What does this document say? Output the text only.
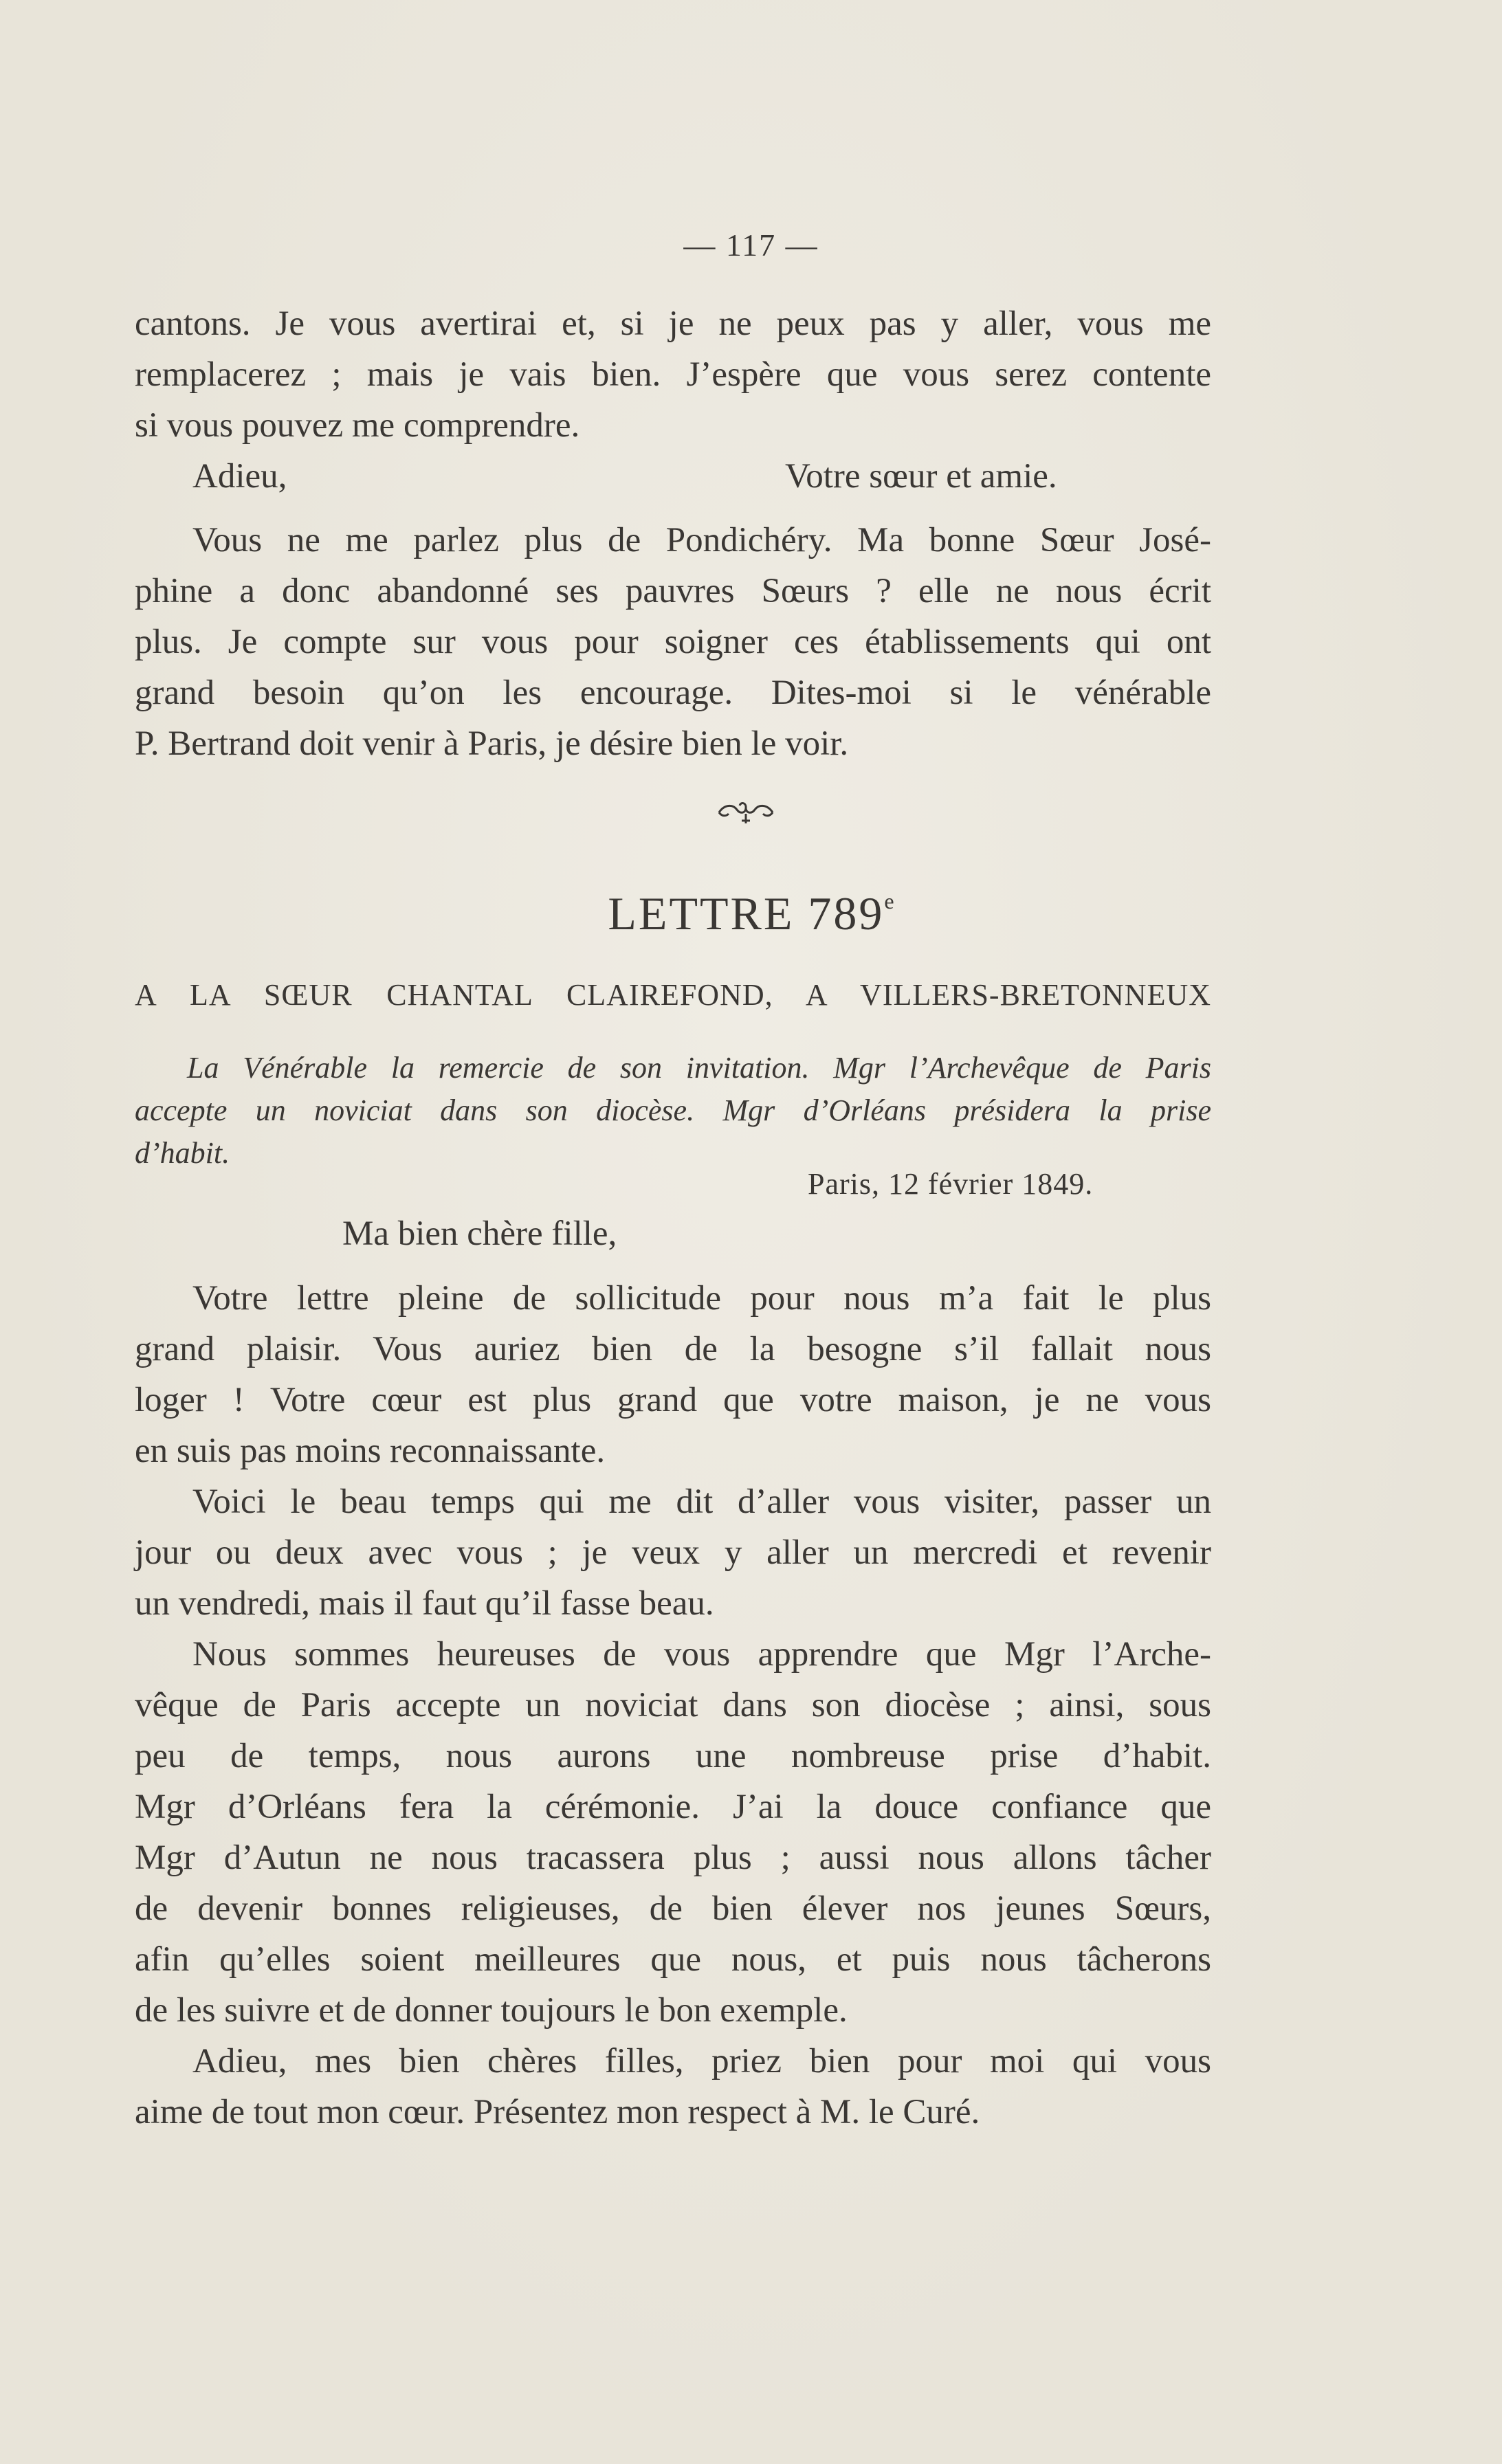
— 117 —
cantons. Je vous avertirai et, si je ne peux pas y aller, vous me
remplacerez ; mais je vais bien. J’espère que vous serez contente
si vous pouvez me comprendre.
Adieu,	Votre sœur et amie.
Vous ne me parlez plus de Pondichéry. Ma bonne Sœur José-
phine a donc abandonné ses pauvres Sœurs ? elle ne nous écrit
plus. Je compte sur vous pour soigner ces établissements qui ont
grand besoin qu’on les encourage. Dites-moi si le vénérable
P. Bertrand doit venir à Paris, je désire bien le voir.
LETTRE 789e
A LA SŒUR CHANTAL CLAIREFOND, A VILLERS-BRETONNEUX
La Vénérable la remercie de son invitation. Mgr l’Archevêque de Paris
accepte un noviciat dans son diocèse. Mgr d’Orléans présidera la prise
d’habit.
Paris, 12 février 1849.
Ma bien chère fille,
Votre lettre pleine de sollicitude pour nous m’a fait le plus
grand plaisir. Vous auriez bien de la besogne s’il fallait nous
loger ! Votre cœur est plus grand que votre maison, je ne vous
en suis pas moins reconnaissante.
Voici le beau temps qui me dit d’aller vous visiter, passer un
jour ou deux avec vous ; je veux y aller un mercredi et revenir
un vendredi, mais il faut qu’il fasse beau.
Nous sommes heureuses de vous apprendre que Mgr l’Arche-
vêque de Paris accepte un noviciat dans son diocèse ; ainsi, sous
peu de temps, nous aurons une nombreuse prise d’habit.
Mgr d’Orléans fera la cérémonie. J’ai la douce confiance que
Mgr d’Autun ne nous tracassera plus ; aussi nous allons tâcher
de devenir bonnes religieuses, de bien élever nos jeunes Sœurs,
afin qu’elles soient meilleures que nous, et puis nous tâcherons
de les suivre et de donner toujours le bon exemple.
Adieu, mes bien chères filles, priez bien pour moi qui vous
aime de tout mon cœur. Présentez mon respect à M. le Curé.
